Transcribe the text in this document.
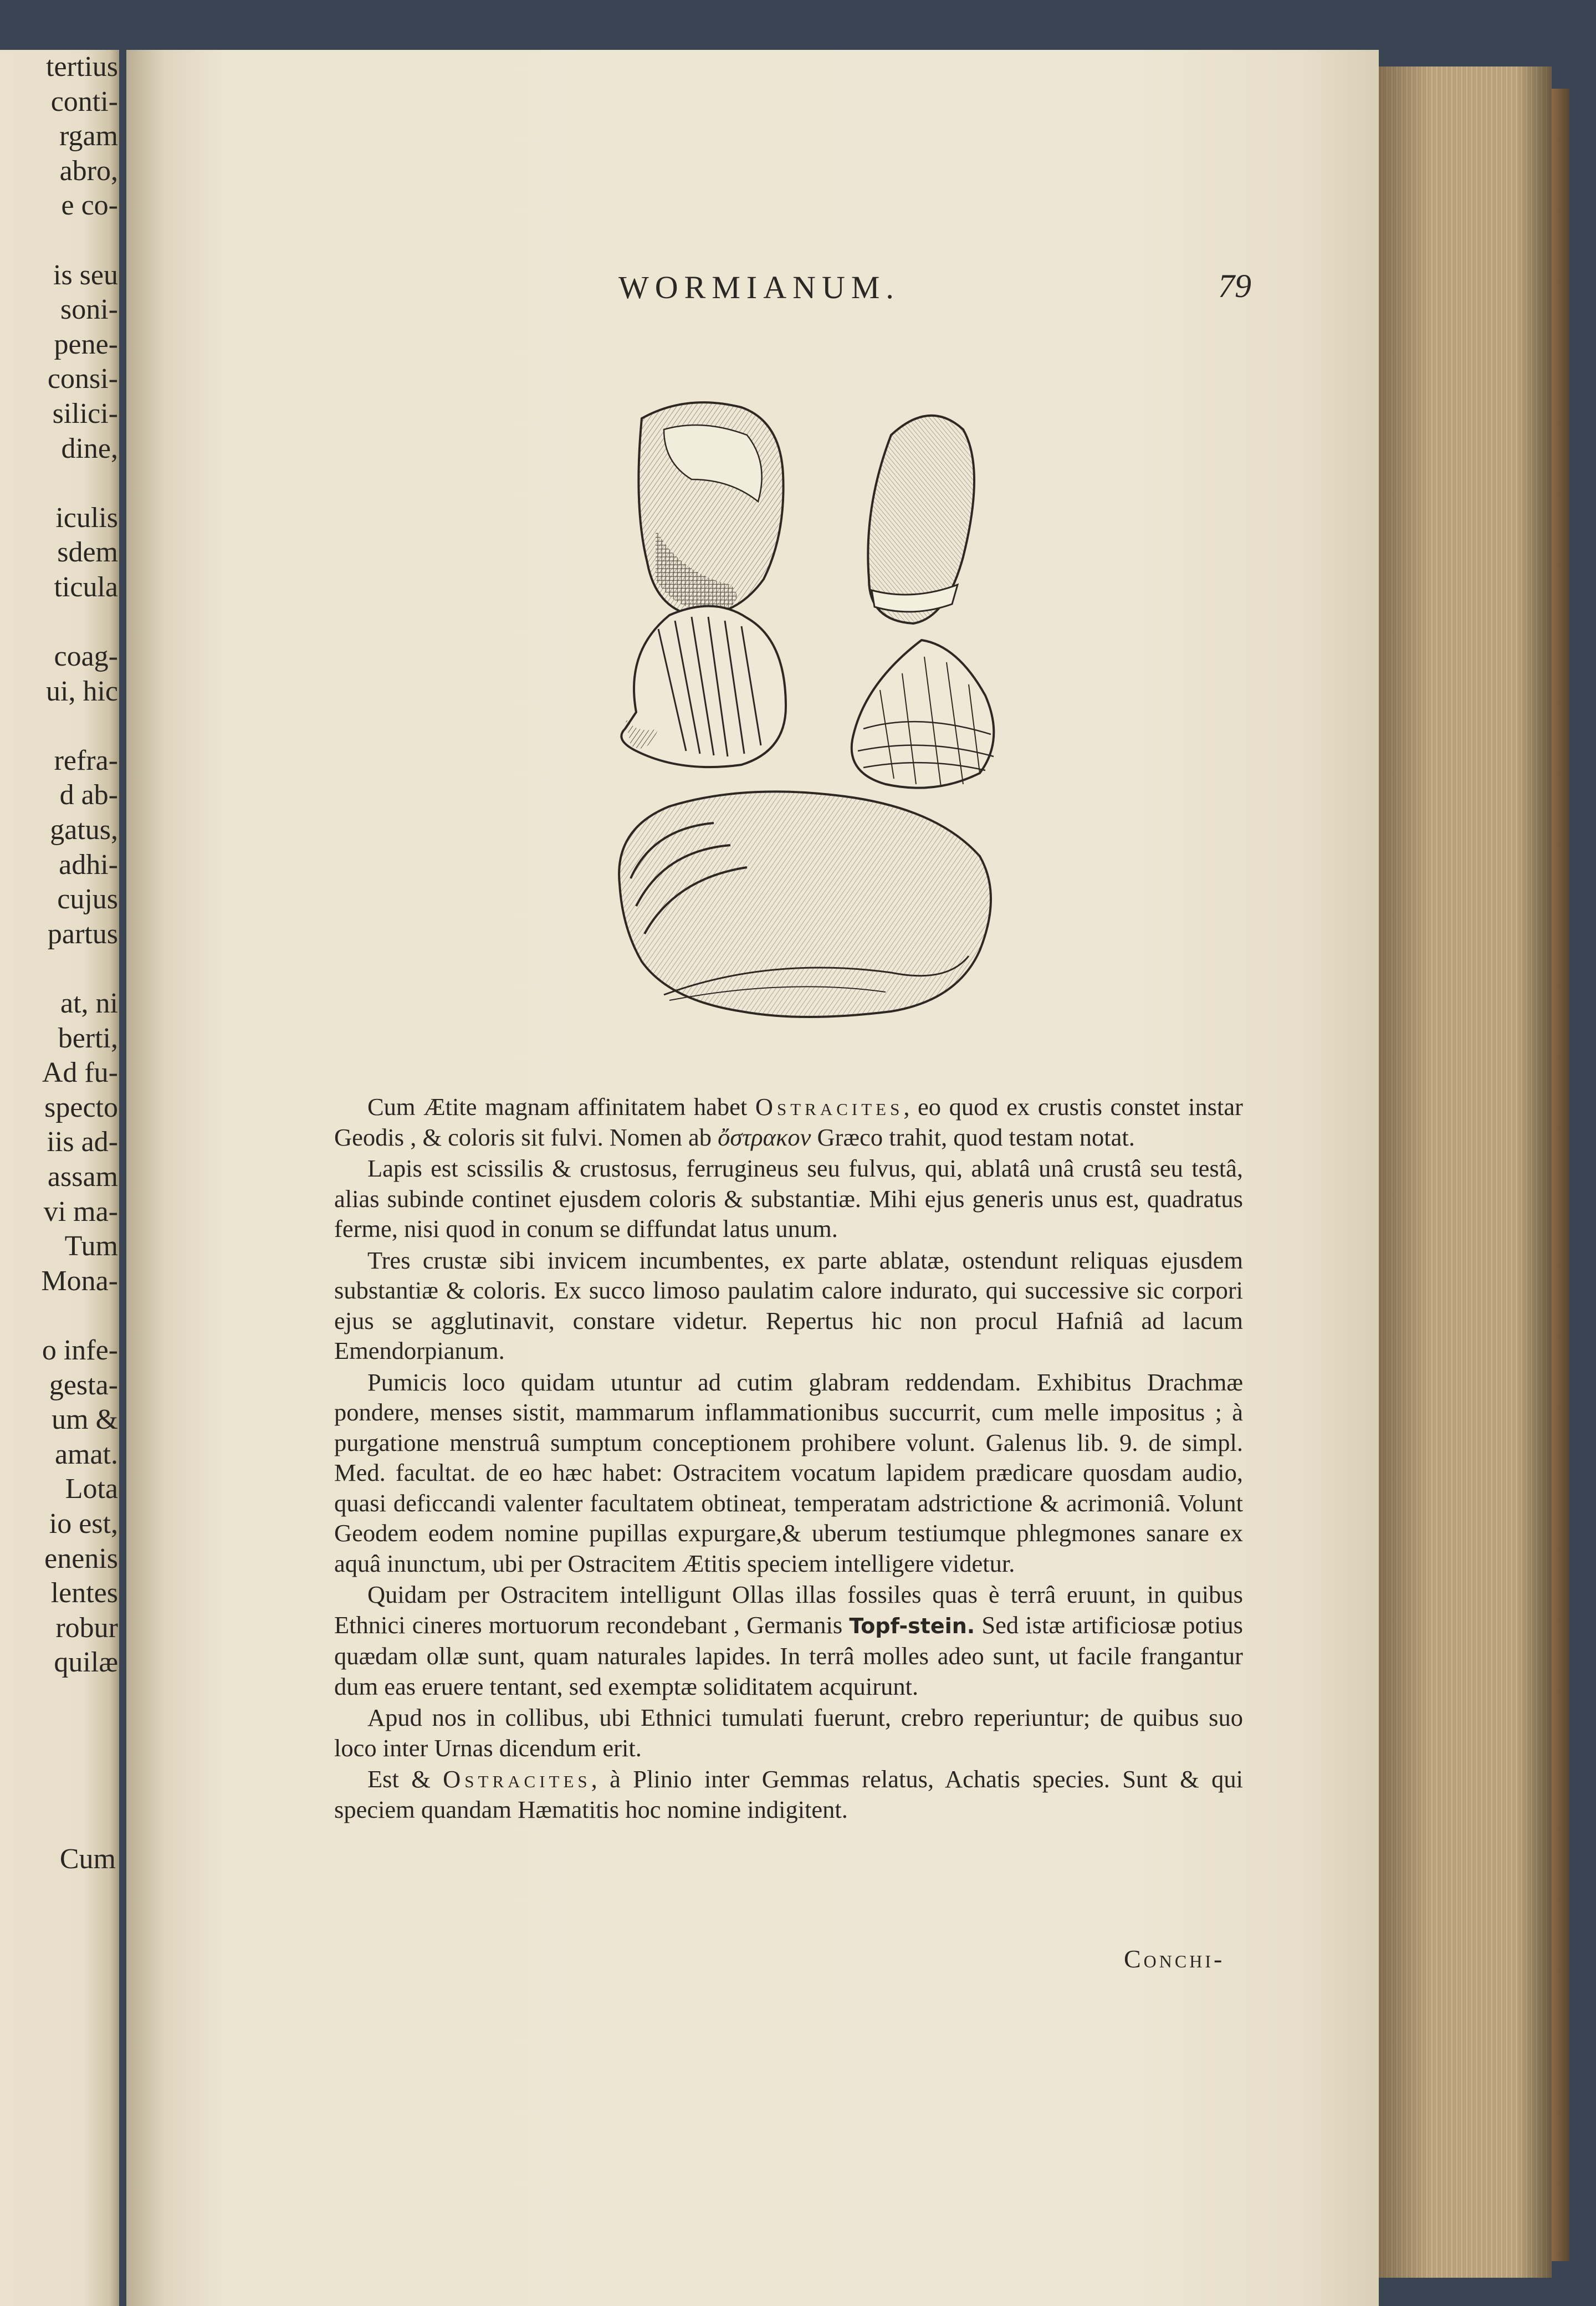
tertius
conti-
rgam
abro,
e co-
is seu
soni-
pene-
consi-
silici-
dine,
iculis
sdem
ticula
coag-
ui, hic
refra-
d ab-
gatus,
adhi-
cujus
partus
at, ni
berti,
Ad fu-
specto
iis ad-
assam
vi ma-
Tum
Mona-
o infe-
gesta-
um &
amat.
Lota
io est,
enenis
lentes
robur
quilæ
Cum
WORMIANUM.	79

Cum Ætite magnam affinitatem habet Ostracites, eo quod ex crustis constet instar Geodis , & coloris sit fulvi. Nomen ab ὄστρακον Græco trahit, quod testam notat.

Lapis est scissilis & crustosus, ferrugineus seu fulvus, qui, ablatâ unâ crustâ seu testâ, alias subinde continet ejusdem coloris & substantiæ. Mihi ejus generis unus est, quadratus ferme, nisi quod in conum se diffundat latus unum.

Tres crustæ sibi invicem incumbentes, ex parte ablatæ, ostendunt reliquas ejusdem substantiæ & coloris. Ex succo limoso paulatim calore indurato, qui successive sic corpori ejus se agglutinavit, constare videtur. Repertus hic non procul Hafniâ ad lacum Emendorpianum.

Pumicis loco quidam utuntur ad cutim glabram reddendam. Exhibitus Drachmæ pondere, menses sistit, mammarum inflammationibus succurrit, cum melle impositus ; à purgatione menstruâ sumptum conceptionem prohibere volunt. Galenus lib. 9. de simpl. Med. facultat. de eo hæc habet: Ostracitem vocatum lapidem prædicare quosdam audio, quasi deficcandi valenter facultatem obtineat, temperatam adstrictione & acrimoniâ. Volunt Geodem eodem nomine pupillas expurgare,& uberum testiumque phlegmones sanare ex aquâ inunctum, ubi per Ostracitem Ætitis speciem intelligere videtur.

Quidam per Ostracitem intelligunt Ollas illas fossiles quas è terrâ eruunt, in quibus Ethnici cineres mortuorum recondebant , Germanis Topf-stein. Sed istæ artificiosæ potius quædam ollæ sunt, quam naturales lapides. In terrâ molles adeo sunt, ut facile frangantur dum eas eruere tentant, sed exemptæ soliditatem acquirunt.

Apud nos in collibus, ubi Ethnici tumulati fuerunt, crebro reperiuntur; de quibus suo loco inter Urnas dicendum erit.

Est & Ostracites, à Plinio inter Gemmas relatus, Achatis species. Sunt & qui speciem quandam Hæmatitis hoc nomine indigitent.

Conchi-
